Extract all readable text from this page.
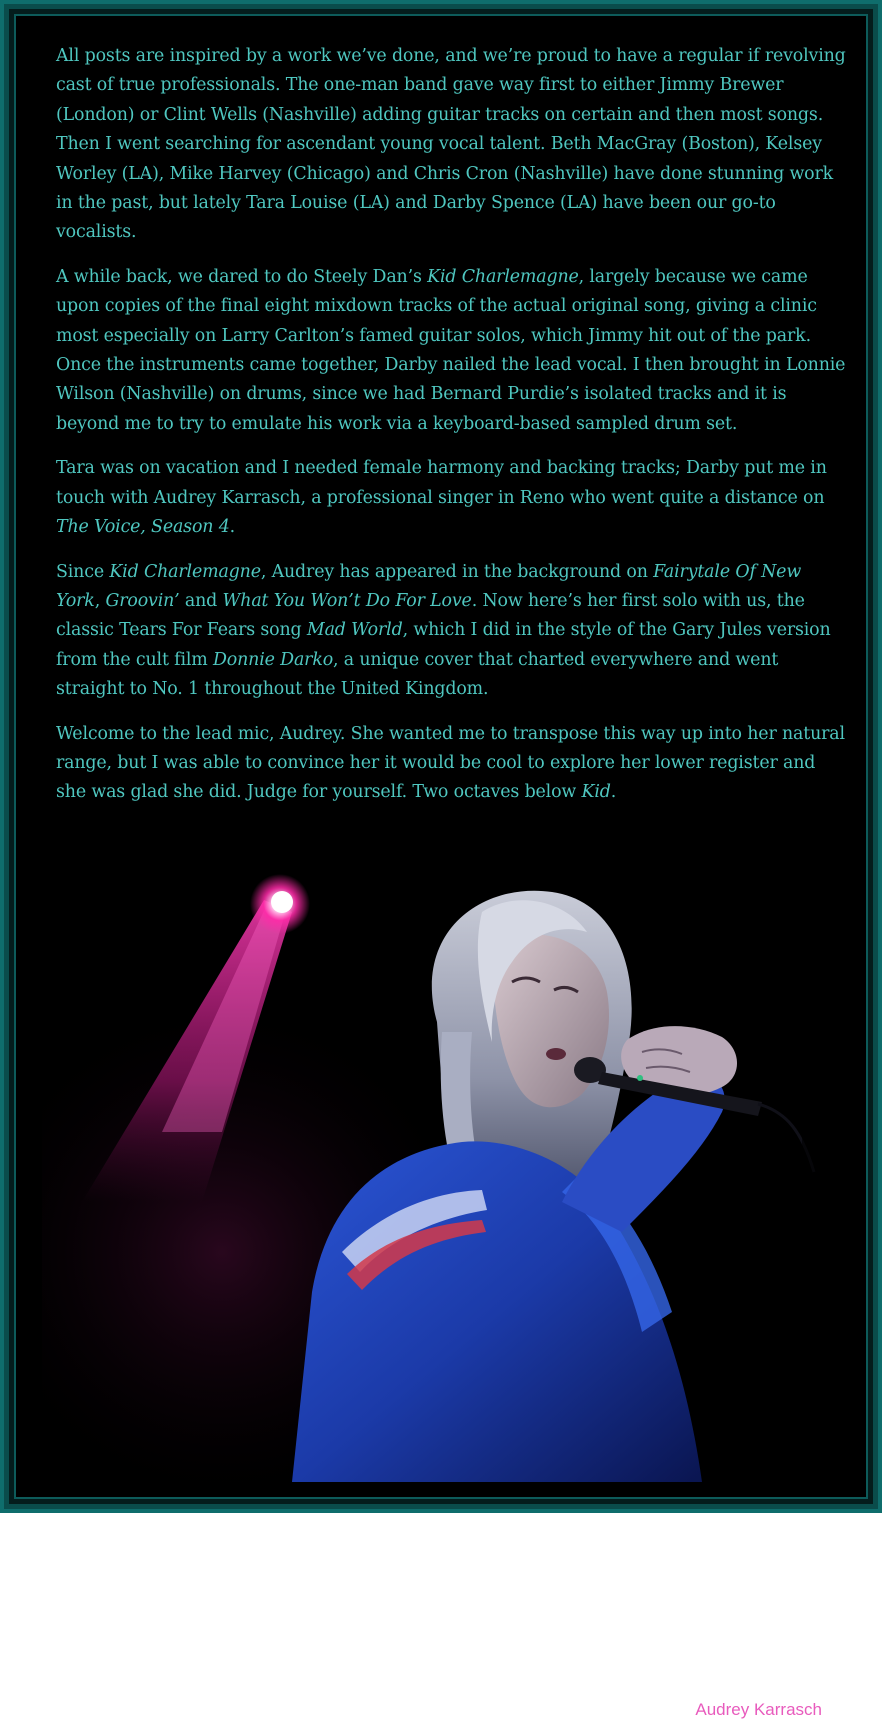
All posts are inspired by a work we’ve done, and we’re proud to have a regular if revolving cast of true professionals. The one-man band gave way first to either Jimmy Brewer (London) or Clint Wells (Nashville) adding guitar tracks on certain and then most songs. Then I went searching for ascendant young vocal talent. Beth MacGray (Boston), Kelsey Worley (LA), Mike Harvey (Chicago) and Chris Cron (Nashville) have done stunning work in the past, but lately Tara Louise (LA) and Darby Spence (LA) have been our go-to vocalists.

A while back, we dared to do Steely Dan’s Kid Charlemagne, largely because we came upon copies of the final eight mixdown tracks of the actual original song, giving a clinic most especially on Larry Carlton’s famed guitar solos, which Jimmy hit out of the park. Once the instruments came together, Darby nailed the lead vocal. I then brought in Lonnie Wilson (Nashville) on drums, since we had Bernard Purdie’s isolated tracks and it is beyond me to try to emulate his work via a keyboard-based sampled drum set.

Tara was on vacation and I needed female harmony and backing tracks; Darby put me in touch with Audrey Karrasch, a professional singer in Reno who went quite a distance on The Voice, Season 4.

Since Kid Charlemagne, Audrey has appeared in the background on Fairytale Of New York, Groovin’ and What You Won’t Do For Love. Now here’s her first solo with us, the classic Tears For Fears song Mad World, which I did in the style of the Gary Jules version from the cult film Donnie Darko, a unique cover that charted everywhere and went straight to No. 1 throughout the United Kingdom.

Welcome to the lead mic, Audrey. She wanted me to transpose this way up into her natural range, but I was able to convince her it would be cool to explore her lower register and she was glad she did. Judge for yourself. Two octaves below Kid.

Audrey Karrasch
